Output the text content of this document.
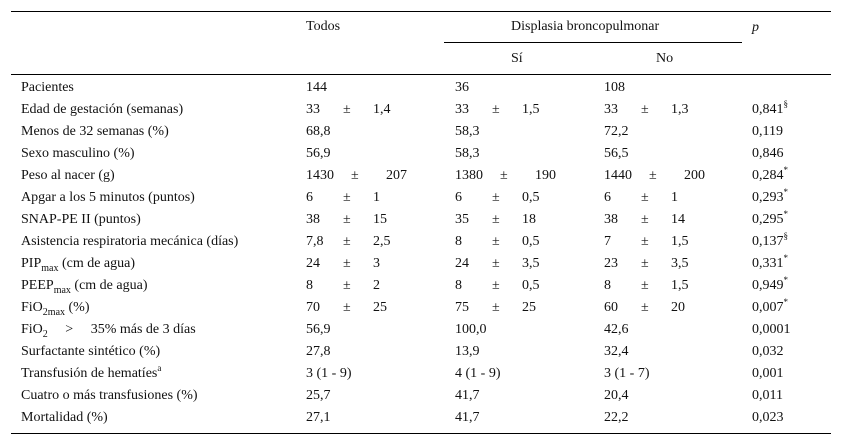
Todos	Displasia broncopulmonar	p
Sí	No
Pacientes	144	36	108
Edad de gestación (semanas)	33 ± 1,4	33 ± 1,5	33 ± 1,3	0,841§
Menos de 32 semanas (%)	68,8	58,3	72,2	0,119
Sexo masculino (%)	56,9	58,3	56,5	0,846
Peso al nacer (g)	1430 ± 207	1380 ± 190	1440 ± 200	0,284*
Apgar a los 5 minutos (puntos)	6 ± 1	6 ± 0,5	6 ± 1	0,293*
SNAP-PE II (puntos)	38 ± 15	35 ± 18	38 ± 14	0,295*
Asistencia respiratoria mecánica (días)	7,8 ± 2,5	8 ± 0,5	7 ± 1,5	0,137§
$PIP_{max}$ (cm de agua)	24 ± 3	24 ± 3,5	23 ± 3,5	0,331*
$PEEP_{max}$ (cm de agua)	8 ± 2	8 ± 0,5	8 ± 1,5	0,949*
FiO$_{2max}$ (%)	70 ± 25	75 ± 25	60 ± 20	0,007*
FiO$_2$     >     35% más de 3 días	56,9	100,0	42,6	0,0001
Surfactante sintético (%)	27,8	13,9	32,4	0,032
Transfusión de hematíes$^a$	3 (1 - 9)	4 (1 - 9)	3 (1 - 7)	0,001
Cuatro o más transfusiones (%)	25,7	41,7	20,4	0,011
Mortalidad (%)	27,1	41,7	22,2	0,023
